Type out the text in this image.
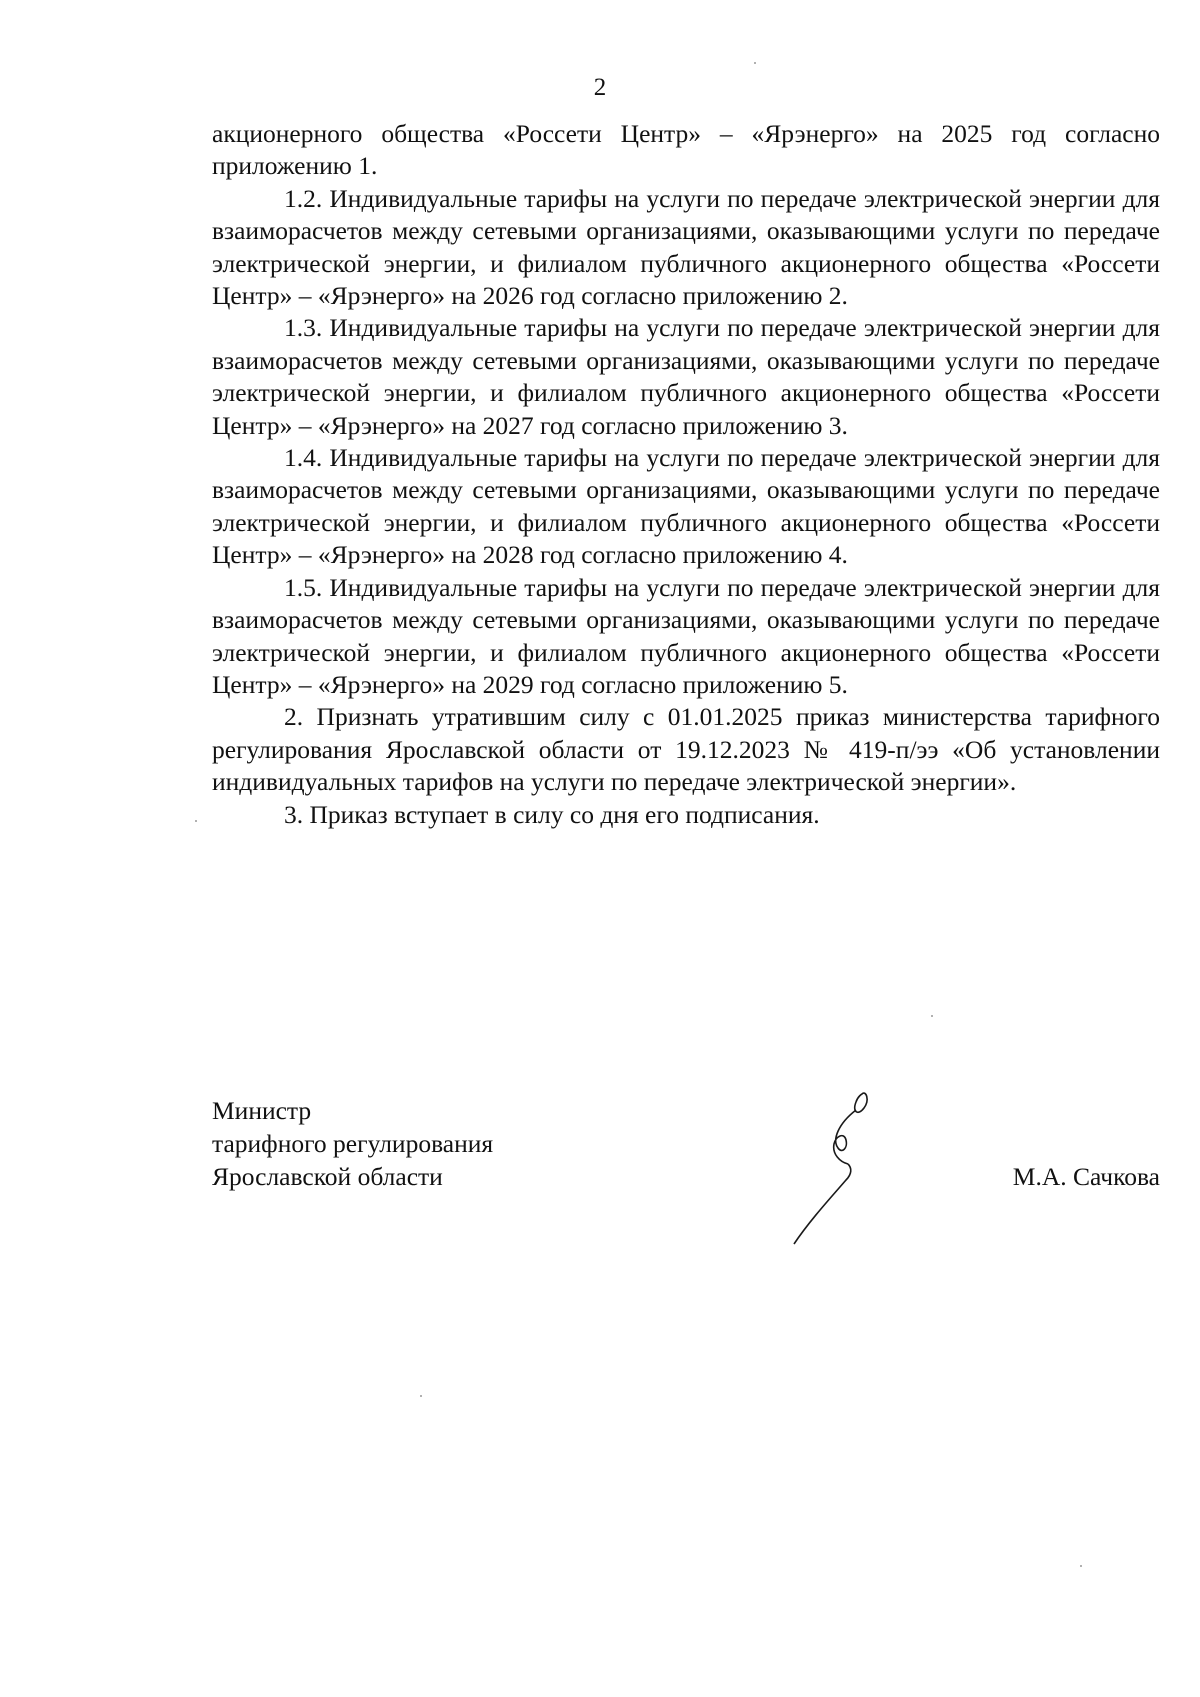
2

акционерного общества «Россети Центр» – «Ярэнерго» на 2025 год согласно приложению 1.

1.2. Индивидуальные тарифы на услуги по передаче электрической энергии для взаиморасчетов между сетевыми организациями, оказывающими услуги по передаче электрической энергии, и филиалом публичного акционерного общества «Россети Центр» – «Ярэнерго» на 2026 год согласно приложению 2.

1.3. Индивидуальные тарифы на услуги по передаче электрической энергии для взаиморасчетов между сетевыми организациями, оказывающими услуги по передаче электрической энергии, и филиалом публичного акционерного общества «Россети Центр» – «Ярэнерго» на 2027 год согласно приложению 3.

1.4. Индивидуальные тарифы на услуги по передаче электрической энергии для взаиморасчетов между сетевыми организациями, оказывающими услуги по передаче электрической энергии, и филиалом публичного акционерного общества «Россети Центр» – «Ярэнерго» на 2028 год согласно приложению 4.

1.5. Индивидуальные тарифы на услуги по передаче электрической энергии для взаиморасчетов между сетевыми организациями, оказывающими услуги по передаче электрической энергии, и филиалом публичного акционерного общества «Россети Центр» – «Ярэнерго» на 2029 год согласно приложению 5.

2. Признать утратившим силу с 01.01.2025 приказ министерства тарифного регулирования Ярославской области от 19.12.2023 № 419-п/ээ «Об установлении индивидуальных тарифов на услуги по передаче электрической энергии».

3. Приказ вступает в силу со дня его подписания.

Министр
тарифного регулирования
Ярославской области	М.А. Сачкова
